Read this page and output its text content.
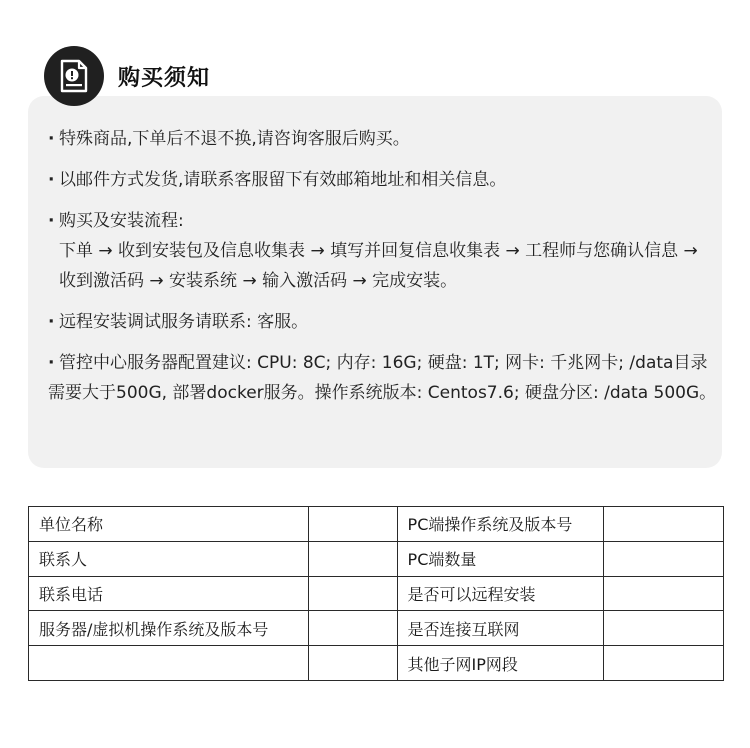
购买须知
· 特殊商品,下单后不退不换,请咨询客服后购买。
· 以邮件方式发货,请联系客服留下有效邮箱地址和相关信息。
· 购买及安装流程:
下单 → 收到安装包及信息收集表 → 填写并回复信息收集表 → 工程师与您确认信息 → 收到激活码 → 安装系统 → 输入激活码 → 完成安装。
· 远程安装调试服务请联系: 客服。
· 管控中心服务器配置建议: CPU: 8C; 内存: 16G; 硬盘: 1T; 网卡: 千兆网卡; /data目录需要大于500G, 部署docker服务。操作系统版本: Centos7.6; 硬盘分区: /data 500G。
单位名称		PC端操作系统及版本号	
联系人		PC端数量	
联系电话		是否可以远程安装	
服务器/虚拟机操作系统及版本号		是否连接互联网	
		其他子网IP网段	
